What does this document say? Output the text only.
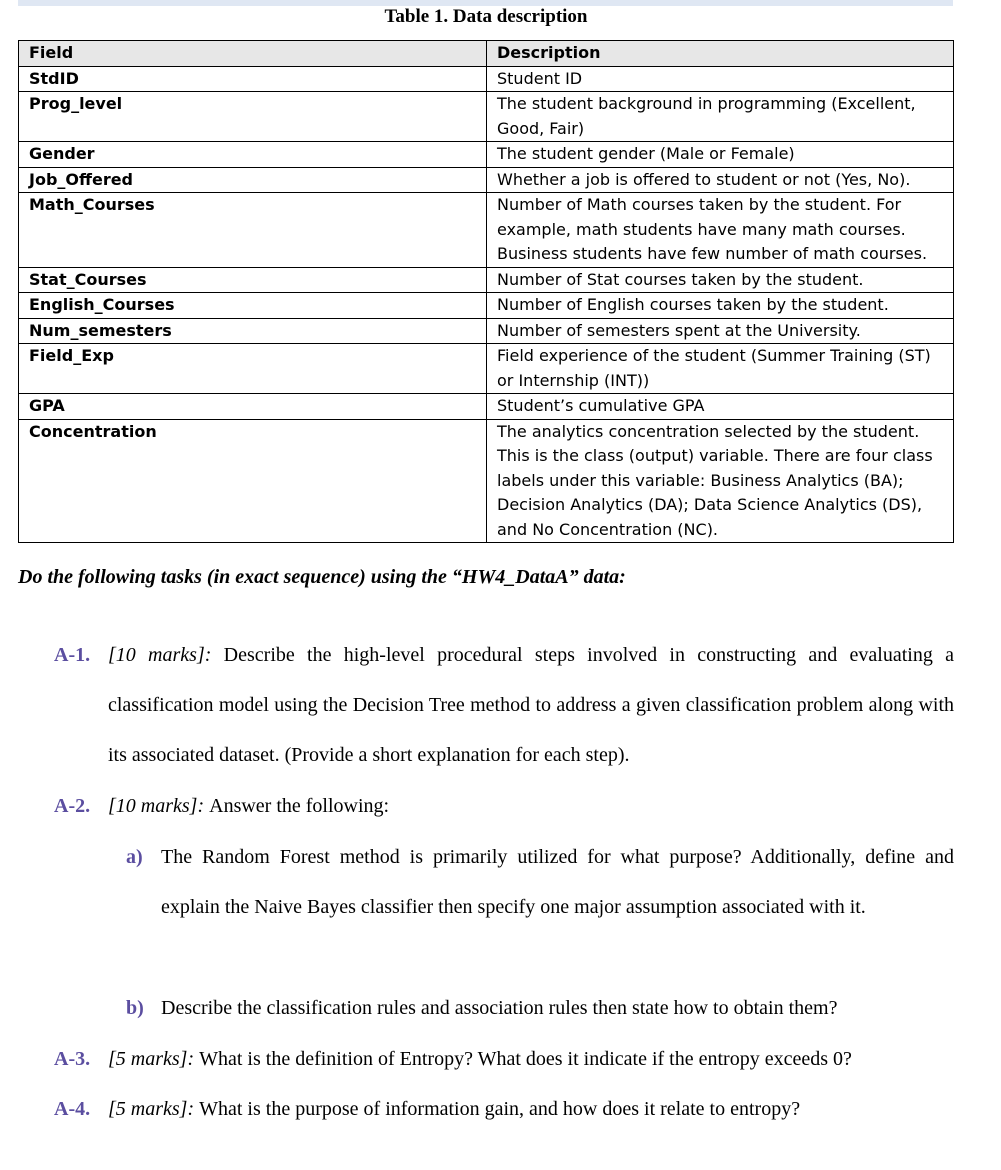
Table 1. Data description
Field	Description
StdID	Student ID
Prog_level	The student background in programming (Excellent, Good, Fair)
Gender	The student gender (Male or Female)
Job_Offered	Whether a job is offered to student or not (Yes, No).
Math_Courses	Number of Math courses taken by the student. For example, math students have many math courses. Business students have few number of math courses.
Stat_Courses	Number of Stat courses taken by the student.
English_Courses	Number of English courses taken by the student.
Num_semesters	Number of semesters spent at the University.
Field_Exp	Field experience of the student (Summer Training (ST) or Internship (INT))
GPA	Student’s cumulative GPA
Concentration	The analytics concentration selected by the student. This is the class (output) variable. There are four class labels under this variable: Business Analytics (BA); Decision Analytics (DA); Data Science Analytics (DS), and No Concentration (NC).
Do the following tasks (in exact sequence) using the “HW4_DataA” data:
A-1. [10 marks]: Describe the high-level procedural steps involved in constructing and evaluating a classification model using the Decision Tree method to address a given classification problem along with its associated dataset. (Provide a short explanation for each step).
A-2. [10 marks]: Answer the following:
a) The Random Forest method is primarily utilized for what purpose? Additionally, define and explain the Naive Bayes classifier then specify one major assumption associated with it.
b) Describe the classification rules and association rules then state how to obtain them?
A-3. [5 marks]: What is the definition of Entropy? What does it indicate if the entropy exceeds 0?
A-4. [5 marks]: What is the purpose of information gain, and how does it relate to entropy?
